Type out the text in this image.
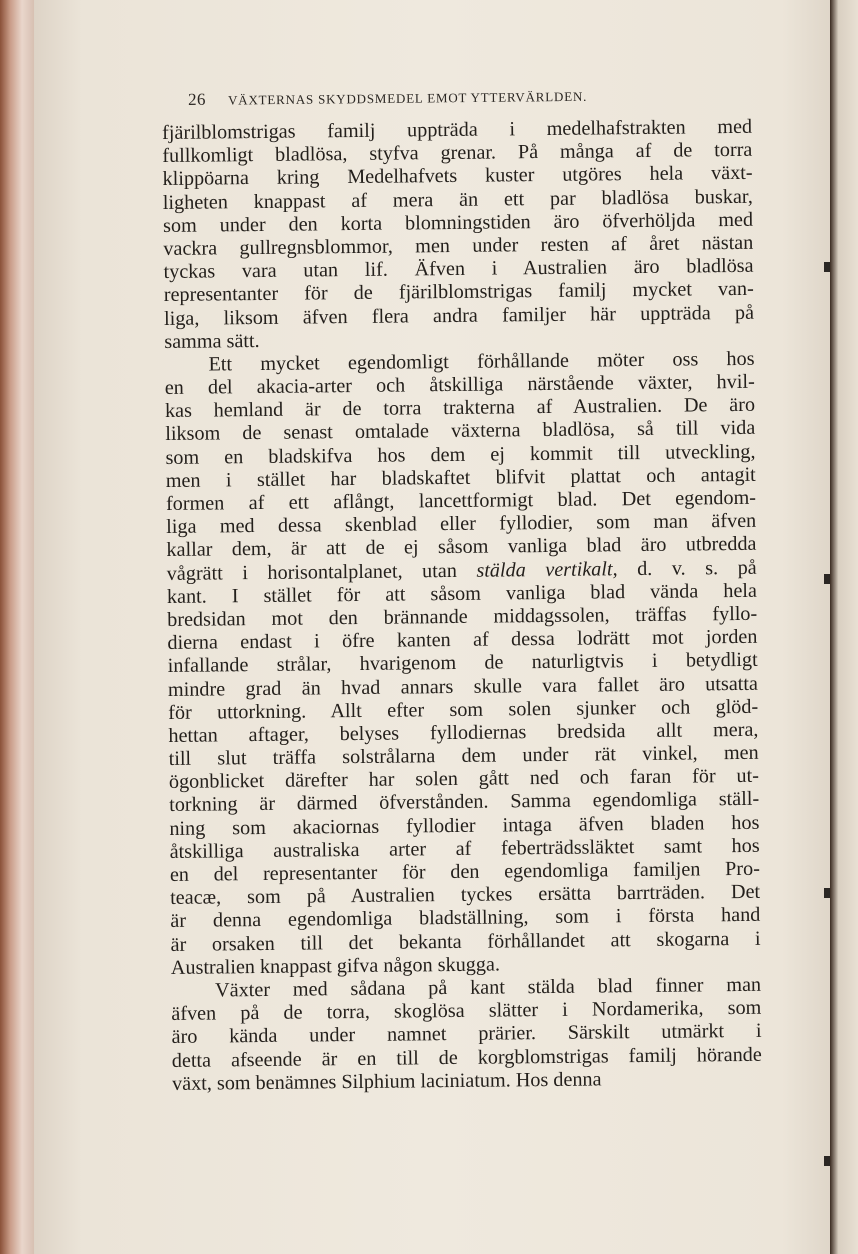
26 VÄXTERNAS SKYDDSMEDEL EMOT YTTERVÄRLDEN.
fjärilblomstrigas familj uppträda i medelhafstrakten med
fullkomligt bladlösa, styfva grenar. På många af de torra
klippöarna kring Medelhafvets kuster utgöres hela växt-
ligheten knappast af mera än ett par bladlösa buskar,
som under den korta blomningstiden äro öfverhöljda med
vackra gullregnsblommor, men under resten af året nästan
tyckas vara utan lif. Äfven i Australien äro bladlösa
representanter för de fjärilblomstrigas familj mycket van-
liga, liksom äfven flera andra familjer här uppträda på
samma sätt.
Ett mycket egendomligt förhållande möter oss hos
en del akacia-arter och åtskilliga närstående växter, hvil-
kas hemland är de torra trakterna af Australien. De äro
liksom de senast omtalade växterna bladlösa, så till vida
som en bladskifva hos dem ej kommit till utveckling,
men i stället har bladskaftet blifvit plattat och antagit
formen af ett aflångt, lancettformigt blad. Det egendom-
liga med dessa skenblad eller fyllodier, som man äfven
kallar dem, är att de ej såsom vanliga blad äro utbredda
vågrätt i horisontalplanet, utan stälda vertikalt, d. v. s. på
kant. I stället för att såsom vanliga blad vända hela
bredsidan mot den brännande middagssolen, träffas fyllo-
dierna endast i öfre kanten af dessa lodrätt mot jorden
infallande strålar, hvarigenom de naturligtvis i betydligt
mindre grad än hvad annars skulle vara fallet äro utsatta
för uttorkning. Allt efter som solen sjunker och glöd-
hettan aftager, belyses fyllodiernas bredsida allt mera,
till slut träffa solstrålarna dem under rät vinkel, men
ögonblicket därefter har solen gått ned och faran för ut-
torkning är därmed öfverstånden. Samma egendomliga ställ-
ning som akaciornas fyllodier intaga äfven bladen hos
åtskilliga australiska arter af feberträdssläktet samt hos
en del representanter för den egendomliga familjen Pro-
teacæ, som på Australien tyckes ersätta barrträden. Det
är denna egendomliga bladställning, som i första hand
är orsaken till det bekanta förhållandet att skogarna i
Australien knappast gifva någon skugga.
Växter med sådana på kant stälda blad finner man
äfven på de torra, skoglösa slätter i Nordamerika, som
äro kända under namnet prärier. Särskilt utmärkt i
detta afseende är en till de korgblomstrigas familj hörande
växt, som benämnes Silphium laciniatum. Hos denna
